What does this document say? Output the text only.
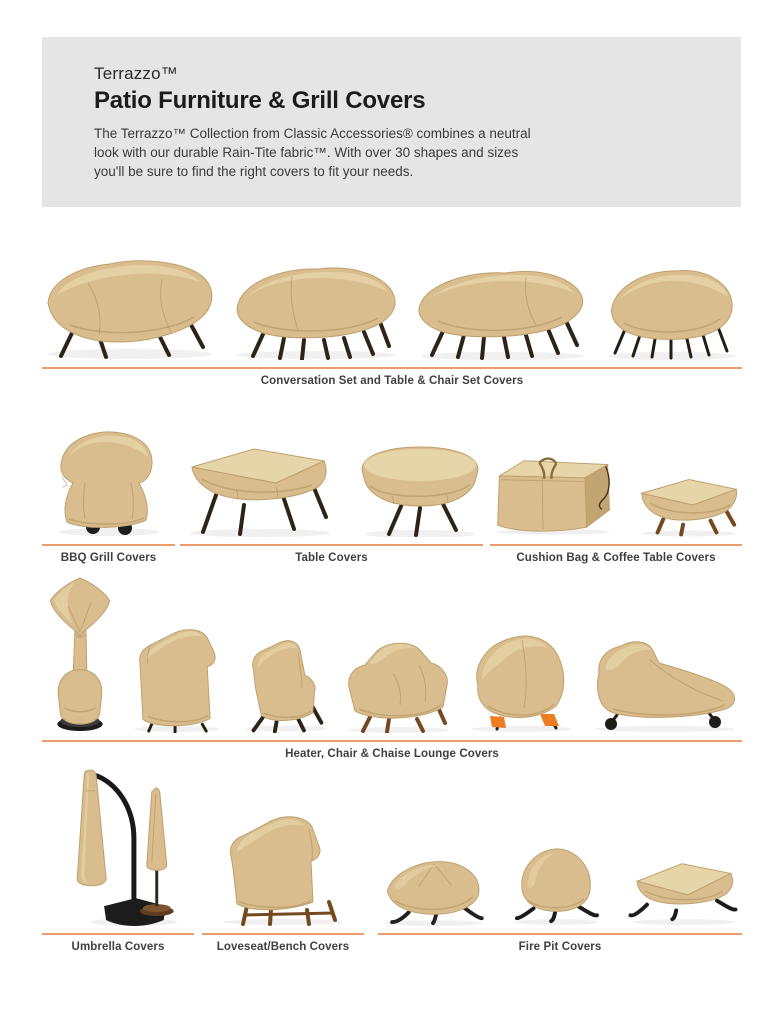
Terrazzo™
Patio Furniture & Grill Covers
The Terrazzo™ Collection from Classic Accessories® combines a neutral
look with our durable Rain-Tite fabric™. With over 30 shapes and sizes
you'll be sure to find the right covers to fit your needs.
Conversation Set and Table & Chair Set Covers
BBQ Grill Covers	Table Covers	Cushion Bag & Coffee Table Covers
Heater, Chair & Chaise Lounge Covers
Umbrella Covers	Loveseat/Bench Covers	Fire Pit Covers
